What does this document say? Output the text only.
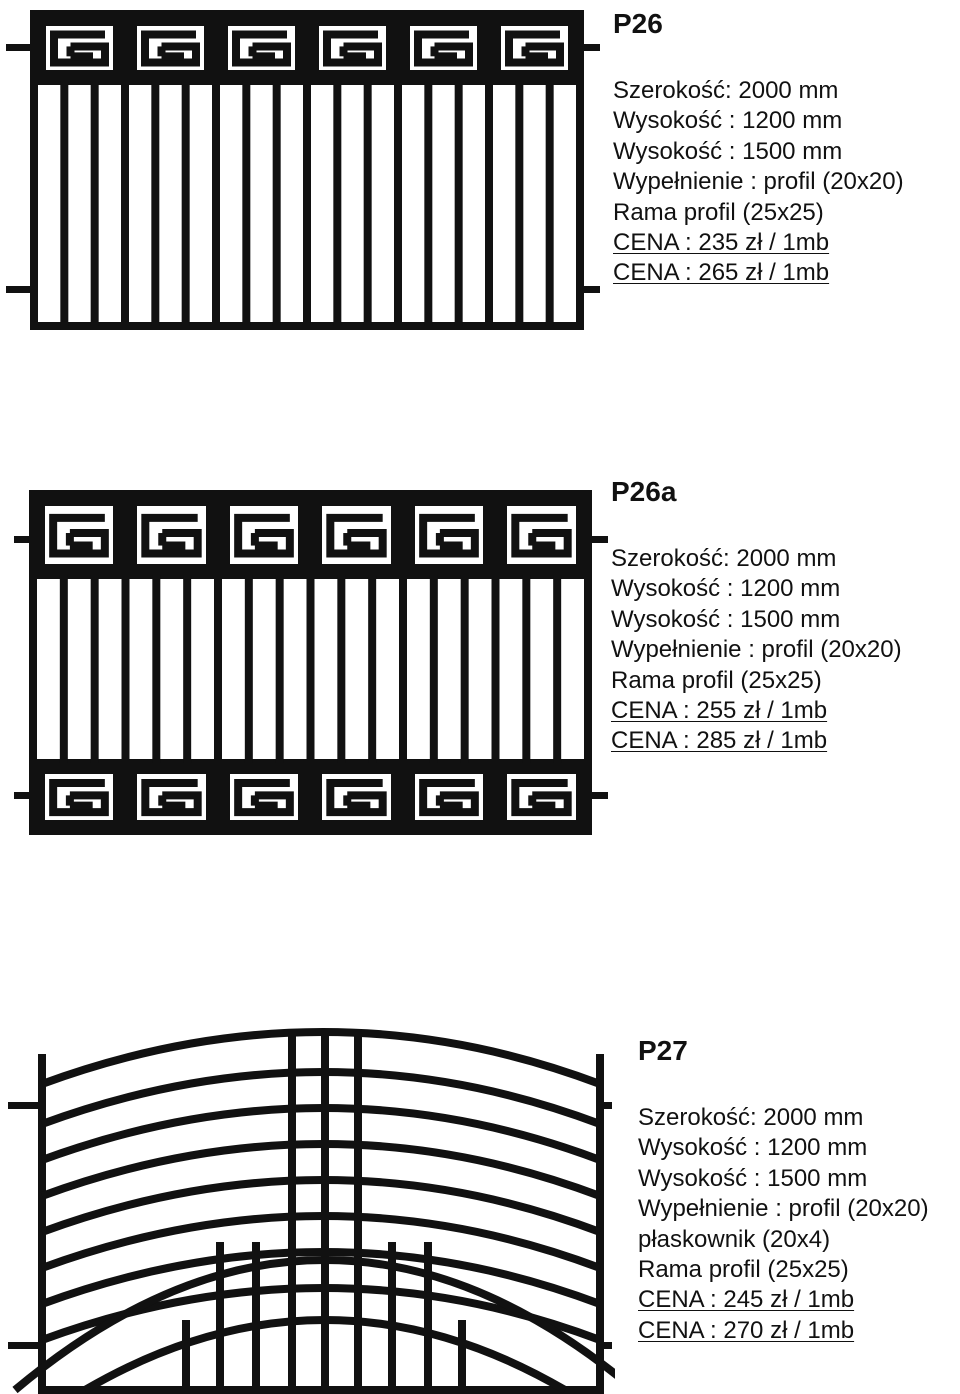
P26
Szerokość: 2000 mm
Wysokość : 1200 mm
Wysokość : 1500 mm
Wypełnienie : profil (20x20)
Rama profil (25x25)
CENA : 235 zł / 1mb
CENA : 265 zł / 1mb
P26a
Szerokość: 2000 mm
Wysokość : 1200 mm
Wysokość : 1500 mm
Wypełnienie : profil (20x20)
Rama profil (25x25)
CENA : 255 zł / 1mb
CENA : 285 zł / 1mb
P27
Szerokość: 2000 mm
Wysokość : 1200 mm
Wysokość : 1500 mm
Wypełnienie : profil (20x20)
płaskownik (20x4)
Rama profil (25x25)
CENA : 245 zł / 1mb
CENA : 270 zł / 1mb
